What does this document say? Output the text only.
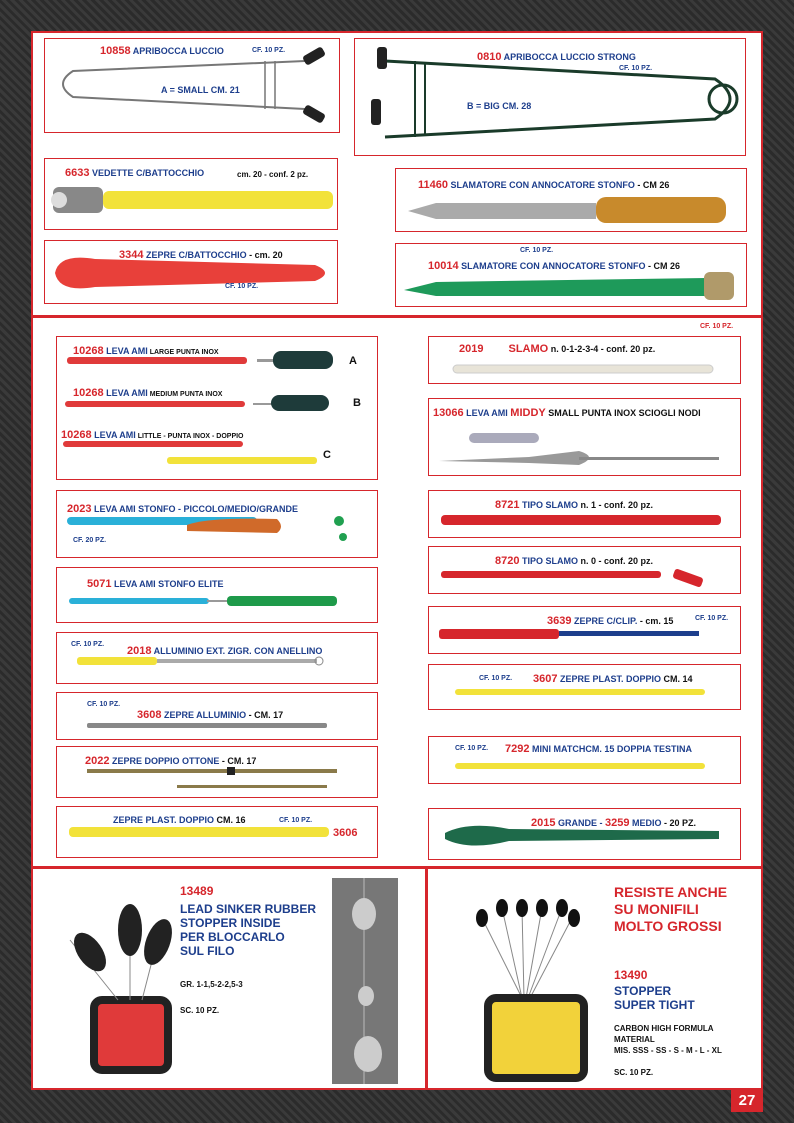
10858 APRIBOCCA LUCCIO	CF. 10 PZ.
A = SMALL CM. 21
0810 APRIBOCCA LUCCIO STRONG
CF. 10 PZ.
B = BIG CM. 28
6633 VEDETTE C/BATTOCCHIO	cm. 20 - conf. 2 pz.
11460 SLAMATORE CON ANNOCATORE STONFO - CM 26
3344 ZEPRE C/BATTOCCHIO - cm. 20
CF. 10 PZ.
CF. 10 PZ.
10014 SLAMATORE CON ANNOCATORE STONFO - CM 26
CF. 10 PZ.
10268 LEVA AMI LARGE PUNTA INOX
A
10268 LEVA AMI MEDIUM PUNTA INOX
B
10268 LEVA AMI LITTLE - PUNTA INOX - DOPPIO
C
2023 LEVA AMI STONFO - PICCOLO/MEDIO/GRANDE
CF. 20 PZ.
5071 LEVA AMI STONFO ELITE
CF. 10 PZ.
2018 ALLUMINIO EXT. ZIGR. CON ANELLINO
CF. 10 PZ.
3608 ZEPRE ALLUMINIO - CM. 17
2022 ZEPRE DOPPIO OTTONE - CM. 17
ZEPRE PLAST. DOPPIO CM. 16	CF. 10 PZ.
3606
2019 SLAMO n. 0-1-2-3-4 - conf. 20 pz.
13066 LEVA AMI MIDDY SMALL PUNTA INOX SCIOGLI NODI
8721 TIPO SLAMO n. 1 - conf. 20 pz.
8720 TIPO SLAMO n. 0 - conf. 20 pz.
3639 ZEPRE C/CLIP. - cm. 15	CF. 10 PZ.
CF. 10 PZ. 3607 ZEPRE PLAST. DOPPIO CM. 14
CF. 10 PZ. 7292 MINI MATCHCM. 15 DOPPIA TESTINA
2015 GRANDE - 3259 MEDIO - 20 PZ.
13489
LEAD SINKER RUBBER
STOPPER INSIDE
PER BLOCCARLO
SUL FILO
GR. 1-1,5-2-2,5-3
SC. 10 PZ.
RESISTE ANCHE
SU MONIFILI
MOLTO GROSSI
13490
STOPPER
SUPER TIGHT
CARBON HIGH FORMULA
MATERIAL
MIS. SSS - SS - S - M - L - XL
SC. 10 PZ.
27
